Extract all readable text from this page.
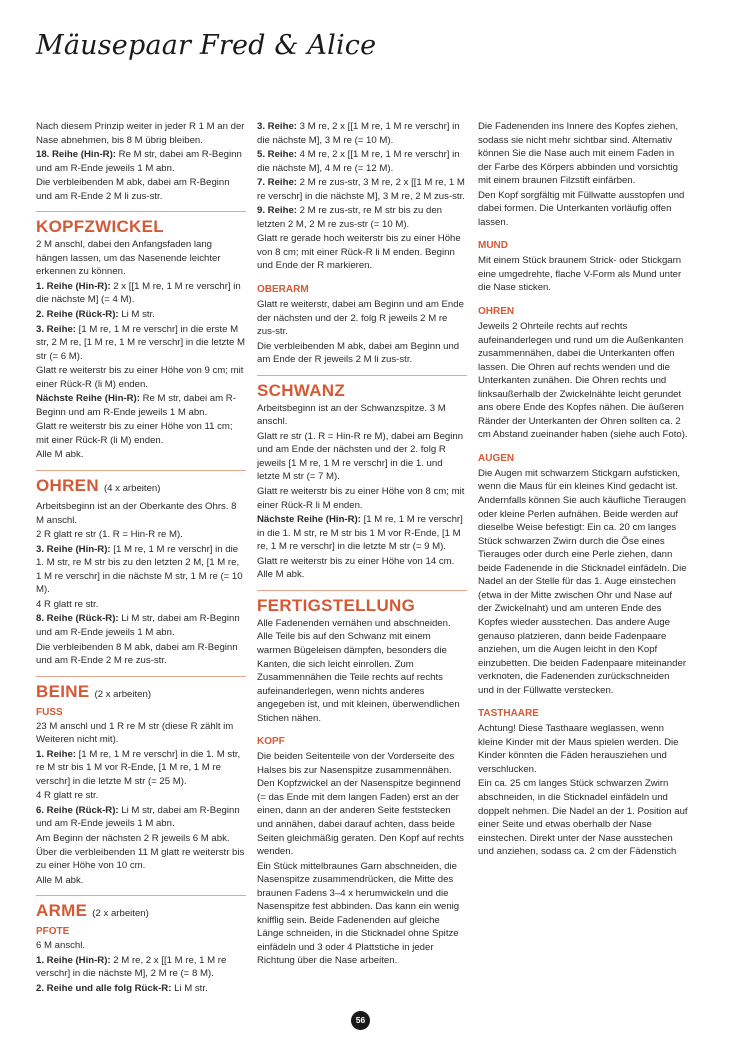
Mäusepaar Fred & Alice

Nach diesem Prinzip weiter in jeder R 1 M an der Nase abnehmen, bis 8 M übrig bleiben.

18. Reihe (Hin-R): Re M str, dabei am R-Beginn und am R-Ende jeweils 1 M abn.

Die verbleibenden M abk, dabei am R-Beginn und am R-Ende 2 M li zus-str.

KOPFZWICKEL

2 M anschl, dabei den Anfangsfaden lang hängen lassen, um das Nasenende leichter erkennen zu können.

1. Reihe (Hin-R): 2 x [[1 M re, 1 M re verschr] in die nächste M] (= 4 M).

2. Reihe (Rück-R): Li M str.

3. Reihe: [1 M re, 1 M re verschr] in die erste M str, 2 M re, [1 M re, 1 M re verschr] in die letzte M str (= 6 M).

Glatt re weiterstr bis zu einer Höhe von 9 cm; mit einer Rück-R (li M) enden.

Nächste Reihe (Hin-R): Re M str, dabei am R-Beginn und am R-Ende jeweils 1 M abn.

Glatt re weiterstr bis zu einer Höhe von 11 cm; mit einer Rück-R (li M) enden.

Alle M abk.

OHREN (4 x arbeiten)

Arbeitsbeginn ist an der Oberkante des Ohrs. 8 M anschl.

2 R glatt re str (1. R = Hin-R re M).

3. Reihe (Hin-R): [1 M re, 1 M re verschr] in die 1. M str, re M str bis zu den letzten 2 M, [1 M re, 1 M re verschr] in die nächste M str, 1 M re (= 10 M).

4 R glatt re str.

8. Reihe (Rück-R): Li M str, dabei am R-Beginn und am R-Ende jeweils 1 M abn.

Die verbleibenden 8 M abk, dabei am R-Beginn und am R-Ende 2 M re zus-str.

BEINE (2 x arbeiten)
FUSS

23 M anschl und 1 R re M str (diese R zählt im Weiteren nicht mit).

1. Reihe: [1 M re, 1 M re verschr] in die 1. M str, re M str bis 1 M vor R-Ende, [1 M re, 1 M re verschr] in die letzte M str (= 25 M).

4 R glatt re str.

6. Reihe (Rück-R): Li M str, dabei am R-Beginn und am R-Ende jeweils 1 M abn.

Am Beginn der nächsten 2 R jeweils 6 M abk. Über die verbleibenden 11 M glatt re weiterstr bis zu einer Höhe von 10 cm.

Alle M abk.

ARME (2 x arbeiten)
PFOTE

6 M anschl.

1. Reihe (Hin-R): 2 M re, 2 x [[1 M re, 1 M re verschr] in die nächste M], 2 M re (= 8 M).

2. Reihe und alle folg Rück-R: Li M str.

3. Reihe: 3 M re, 2 x [[1 M re, 1 M re verschr] in die nächste M], 3 M re (= 10 M).

5. Reihe: 4 M re, 2 x [[1 M re, 1 M re verschr] in die nächste M], 4 M re (= 12 M).

7. Reihe: 2 M re zus-str, 3 M re, 2 x [[1 M re, 1 M re verschr] in die nächste M], 3 M re, 2 M zus-str.

9. Reihe: 2 M re zus-str, re M str bis zu den letzten 2 M, 2 M re zus-str (= 10 M).

Glatt re gerade hoch weiterstr bis zu einer Höhe von 8 cm; mit einer Rück-R li M enden. Beginn und Ende der R markieren.

OBERARM

Glatt re weiterstr, dabei am Beginn und am Ende der nächsten und der 2. folg R jeweils 2 M re zus-str.

Die verbleibenden M abk, dabei am Beginn und am Ende der R jeweils 2 M li zus-str.

SCHWANZ

Arbeitsbeginn ist an der Schwanzspitze. 3 M anschl.

Glatt re str (1. R = Hin-R re M), dabei am Beginn und am Ende der nächsten und der 2. folg R jeweils [1 M re, 1 M re verschr] in die 1. und letzte M str (= 7 M).

Glatt re weiterstr bis zu einer Höhe von 8 cm; mit einer Rück-R li M enden.

Nächste Reihe (Hin-R): [1 M re, 1 M re verschr] in die 1. M str, re M str bis 1 M vor R-Ende, [1 M re, 1 M re verschr] in die letzte M str (= 9 M).

Glatt re weiterstr bis zu einer Höhe von 14 cm. Alle M abk.

FERTIGSTELLUNG

Alle Fadenenden vernähen und abschneiden. Alle Teile bis auf den Schwanz mit einem warmen Bügeleisen dämpfen, besonders die Kanten, die sich leicht einrollen. Zum Zusammennähen die Teile rechts auf rechts aufeinanderlegen, wenn nichts anderes angegeben ist, und mit kleinen, überwendlichen Stichen nähen.

KOPF

Die beiden Seitenteile von der Vorderseite des Halses bis zur Nasenspitze zusammennähen. Den Kopfzwickel an der Nasenspitze beginnend (= das Ende mit dem langen Faden) erst an der einen, dann an der anderen Seite feststecken und annähen, dabei darauf achten, dass beide Seiten gleichmäßig geraten. Den Kopf auf rechts wenden.

Ein Stück mittelbraunes Garn abschneiden, die Nasenspitze zusammendrücken, die Mitte des braunen Fadens 3–4 x herumwickeln und die Nasenspitze fest abbinden. Das kann ein wenig knifflig sein. Beide Fadenenden auf gleiche Länge schneiden, in die Sticknadel ohne Spitze einfädeln und 3 oder 4 Plattstiche in jeder Richtung über die Nase arbeiten.

Die Fadenenden ins Innere des Kopfes ziehen, sodass sie nicht mehr sichtbar sind. Alternativ können Sie die Nase auch mit einem Faden in der Farbe des Körpers abbinden und vorsichtig mit einem braunen Filzstift einfärben.

Den Kopf sorgfältig mit Füllwatte ausstopfen und dabei formen. Die Unterkanten vorläufig offen lassen.

MUND

Mit einem Stück braunem Strick- oder Stickgarn eine umgedrehte, flache V-Form als Mund unter die Nase sticken.

OHREN

Jeweils 2 Ohrteile rechts auf rechts aufeinanderlegen und rund um die Außenkanten zusammennähen, dabei die Unterkanten offen lassen. Die Ohren auf rechts wenden und die Unterkanten zunähen. Die Ohren rechts und linksaußerhalb der Zwickelnähte leicht gerundet ans obere Ende des Kopfes nähen. Die äußeren Ränder der Unterkanten der Ohren sollten ca. 2 cm Abstand zueinander haben (siehe auch Foto).

AUGEN

Die Augen mit schwarzem Stickgarn aufsticken, wenn die Maus für ein kleines Kind gedacht ist. Andernfalls können Sie auch käufliche Tieraugen oder kleine Perlen aufnähen. Beide werden auf dieselbe Weise befestigt: Ein ca. 20 cm langes Stück schwarzen Zwirn durch die Öse eines Tierauges oder durch eine Perle ziehen, dann beide Fadenende in die Sticknadel einfädeln. Die Nadel an der Stelle für das 1. Auge einstechen (etwa in der Mitte zwischen Ohr und Nase auf der Zwickelnaht) und am unteren Ende des Kopfes wieder ausstechen. Das andere Auge genauso platzieren, dann beide Fadenpaare anziehen, um die Augen leicht in den Kopf einzubetten. Die beiden Fadenpaare miteinander verknoten, die Fadenenden zurückschneiden und in der Füllwatte verstecken.

TASTHAARE

Achtung! Diese Tasthaare weglassen, wenn kleine Kinder mit der Maus spielen werden. Die Kinder könnten die Fäden herausziehen und verschlucken.

Ein ca. 25 cm langes Stück schwarzen Zwirn abschneiden, in die Sticknadel einfädeln und doppelt nehmen. Die Nadel an der 1. Position auf einer Seite und etwas oberhalb der Nase einstechen. Direkt unter der Nase ausstechen und anziehen, sodass ca. 2 cm der Fädenstich

56
